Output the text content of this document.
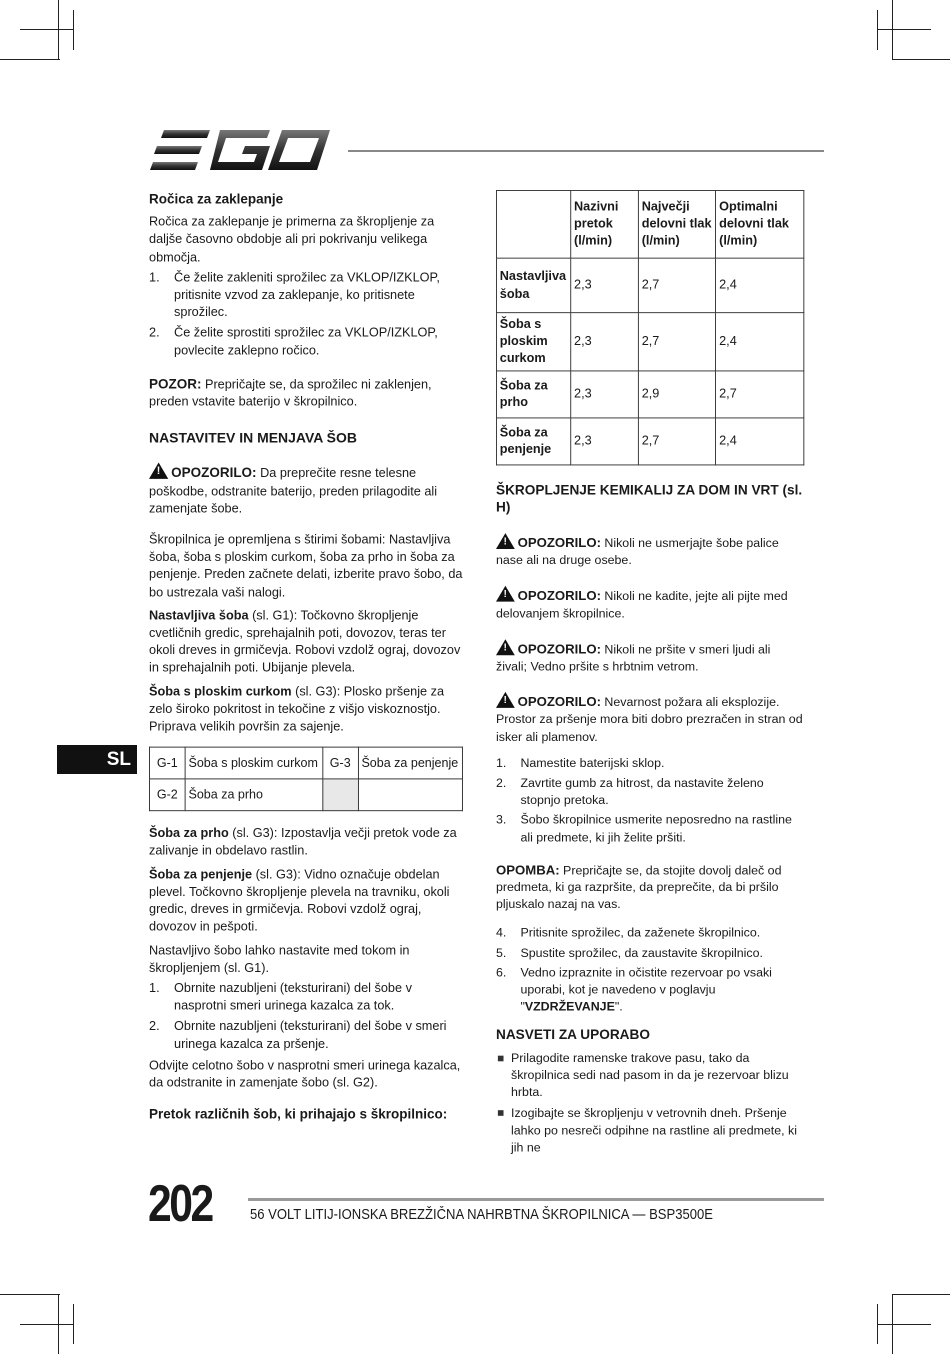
Ročica za zaklepanje

Ročica za zaklepanje je primerna za škropljenje za daljše časovno obdobje ali pri pokrivanju velikega območja.

1. Če želite zakleniti sprožilec za VKLOP/IZKLOP, pritisnite vzvod za zaklepanje, ko pritisnete sprožilec.
2. Če želite sprostiti sprožilec za VKLOP/IZKLOP, povlecite zaklepno ročico.

POZOR: Prepričajte se, da sprožilec ni zaklenjen, preden vstavite baterijo v škropilnico.

NASTAVITEV IN MENJAVA ŠOB

!OPOZORILO: Da preprečite resne telesne poškodbe, odstranite baterijo, preden prilagodite ali zamenjate šobe.

Škropilnica je opremljena s štirimi šobami: Nastavljiva šoba, šoba s ploskim curkom, šoba za prho in šoba za penjenje. Preden začnete delati, izberite pravo šobo, da bo ustrezala vaši nalogi.

Nastavljiva šoba (sl. G1): Točkovno škropljenje cvetličnih gredic, sprehajalnih poti, dovozov, teras ter okoli dreves in grmičevja. Robovi vzdolž ograj, dovozov in sprehajalnih poti. Ubijanje plevela.

Šoba s ploskim curkom (sl. G3): Plosko pršenje za zelo široko pokritost in tekočine z višjo viskoznostjo. Priprava velikih površin za sajenje.

G-1	Šoba s ploskim curkom	G-3	Šoba za penjenje
G-2	Šoba za prho		

Šoba za prho (sl. G3): Izpostavlja večji pretok vode za zalivanje in obdelavo rastlin.

Šoba za penjenje (sl. G3): Vidno označuje obdelan plevel. Točkovno škropljenje plevela na travniku, okoli gredic, dreves in grmičevja. Robovi vzdolž ograj, dovozov in pešpoti.

Nastavljivo šobo lahko nastavite med tokom in škropljenjem (sl. G1).

1. Obrnite nazubljeni (teksturirani) del šobe v nasprotni smeri urinega kazalca za tok.
2. Obrnite nazubljeni (teksturirani) del šobe v smeri urinega kazalca za pršenje.

Odvijte celotno šobo v nasprotni smeri urinega kazalca, da odstranite in zamenjate šobo (sl. G2).

Pretok različnih šob, ki prihajajo s škropilnico:
	Nazivni pretok (l/min)	Največji delovni tlak (l/min)	Optimalni delovni tlak (l/min)
Nastavljiva šoba	2,3	2,7	2,4
Šoba s ploskim curkom	2,3	2,7	2,4
Šoba za prho	2,3	2,9	2,7
Šoba za penjenje	2,3	2,7	2,4
ŠKROPLJENJE KEMIKALIJ ZA DOM IN VRT (sl. H)

!OPOZORILO: Nikoli ne usmerjajte šobe palice nase ali na druge osebe.

!OPOZORILO: Nikoli ne kadite, jejte ali pijte med delovanjem škropilnice.

!OPOZORILO: Nikoli ne pršite v smeri ljudi ali živali; Vedno pršite s hrbtnim vetrom.

!OPOZORILO: Nevarnost požara ali eksplozije. Prostor za pršenje mora biti dobro prezračen in stran od isker ali plamenov.

1. Namestite baterijski sklop.
2. Zavrtite gumb za hitrost, da nastavite želeno stopnjo pretoka.
3. Šobo škropilnice usmerite neposredno na rastline ali predmete, ki jih želite pršiti.

OPOMBA: Prepričajte se, da stojite dovolj daleč od predmeta, ki ga razpršite, da preprečite, da bi pršilo pljuskalo nazaj na vas.

4. Pritisnite sprožilec, da zaženete škropilnico.
5. Spustite sprožilec, da zaustavite škropilnico.
6. Vedno izpraznite in očistite rezervoar po vsaki uporabi, kot je navedeno v poglavju "VZDRŽEVANJE".
NASVETI ZA UPORABO
Prilagodite ramenske trakove pasu, tako da škropilnica sedi nad pasom in da je rezervoar blizu hrbta.
Izogibajte se škropljenju v vetrovnih dneh. Pršenje lahko po nesreči odpihne na rastline ali predmete, ki jih ne
SL
202	56 VOLT LITIJ-IONSKA BREZŽIČNA NAHRBTNA ŠKROPILNICA — BSP3500E
